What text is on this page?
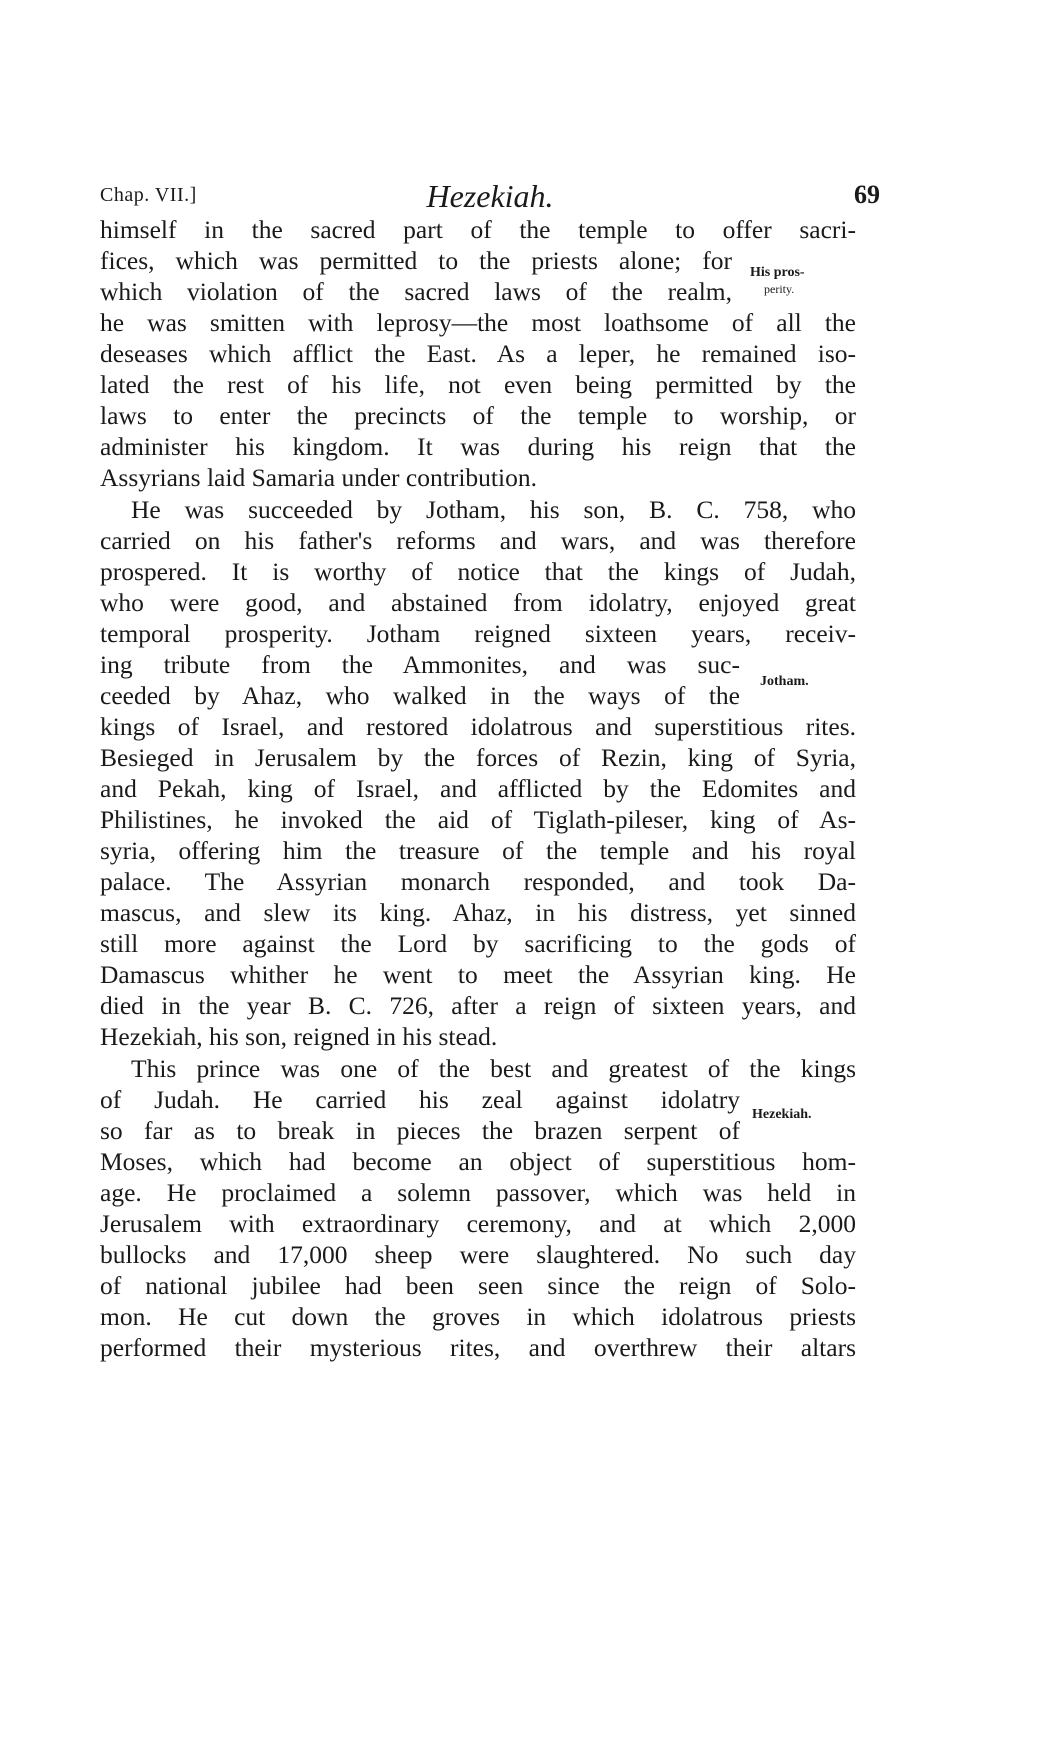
Chap. VII.]	Hezekiah.	69
himself in the sacred part of the temple to offer sacri-
fices, which was permitted to the priests alone; for
which violation of the sacred laws of the realm,
he was smitten with leprosy—the most loathsome of all the
deseases which afflict the East. As a leper, he remained iso-
lated the rest of his life, not even being permitted by the
laws to enter the precincts of the temple to worship, or
administer his kingdom. It was during his reign that the
Assyrians laid Samaria under contribution.
He was succeeded by Jotham, his son, B. C. 758, who
carried on his father's reforms and wars, and was therefore
prospered. It is worthy of notice that the kings of Judah,
who were good, and abstained from idolatry, enjoyed great
temporal prosperity. Jotham reigned sixteen years, receiv-
ing tribute from the Ammonites, and was suc-
ceeded by Ahaz, who walked in the ways of the
kings of Israel, and restored idolatrous and superstitious rites.
Besieged in Jerusalem by the forces of Rezin, king of Syria,
and Pekah, king of Israel, and afflicted by the Edomites and
Philistines, he invoked the aid of Tiglath-pileser, king of As-
syria, offering him the treasure of the temple and his royal
palace. The Assyrian monarch responded, and took Da-
mascus, and slew its king. Ahaz, in his distress, yet sinned
still more against the Lord by sacrificing to the gods of
Damascus whither he went to meet the Assyrian king. He
died in the year B. C. 726, after a reign of sixteen years, and
Hezekiah, his son, reigned in his stead.
This prince was one of the best and greatest of the kings
of Judah. He carried his zeal against idolatry
so far as to break in pieces the brazen serpent of
Moses, which had become an object of superstitious hom-
age. He proclaimed a solemn passover, which was held in
Jerusalem with extraordinary ceremony, and at which 2,000
bullocks and 17,000 sheep were slaughtered. No such day
of national jubilee had been seen since the reign of Solo-
mon. He cut down the groves in which idolatrous priests
performed their mysterious rites, and overthrew their altars
His pros-
perity.
Jotham.
Hezekiah.
